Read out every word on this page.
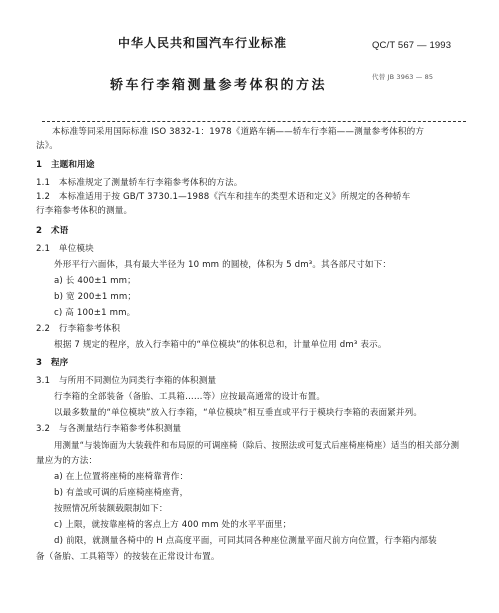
中华人民共和国汽车行业标准	QC/T 567 — 1993
代替 JB 3963 — 85
轿车行李箱测量参考体积的方法
本标准等同采用国际标准 ISO 3832-1：1978《道路车辆——轿车行李箱——测量参考体积的方
法》。
1　主题和用途
1.1　本标准规定了测量轿车行李箱参考体积的方法。
1.2　本标准适用于按 GB/T 3730.1—1988《汽车和挂车的类型术语和定义》所规定的各种轿车
行李箱参考体积的测量。
2　术语
2.1　单位模块
外形平行六面体，具有最大半径为 10 mm 的圆棱，体积为 5 dm³。其各部尺寸如下：
a) 长 400±1 mm；
b) 宽 200±1 mm；
c) 高 100±1 mm。
2.2　行李箱参考体积
根据 7 规定的程序，放入行李箱中的“单位模块”的体积总和，计量单位用 dm³ 表示。
3　程序
3.1　与所用不同测位为同类行李箱的体积测量
行李箱的全部装备（备胎、工具箱……等）应按最高通常的设计布置。
以最多数量的“单位模块”放入行李箱，“单位模块”相互垂直或平行于模块行李箱的表面紧并列。
3.2　与各测量结行李箱参考体积测量
用测量“与装饰面为大装载件和布局原的可调座椅（除后、按照法或可复式后座椅座椅座）适当的相关部分测
量应为的方法：
a) 在上位置将座椅的座椅靠背作：
b) 有盖或可调的后座椅座椅座背，
按照情况所装额载限制如下：
c) 上限，就按靠座椅的客点上方 400 mm 处的水平平面里；
d) 前限，就测量各椅中的 H 点高度平面，可同其同各种座位测量平面尺前方向位置，行李箱内部装
备（备胎、工具箱等）的按装在正常设计布置。
